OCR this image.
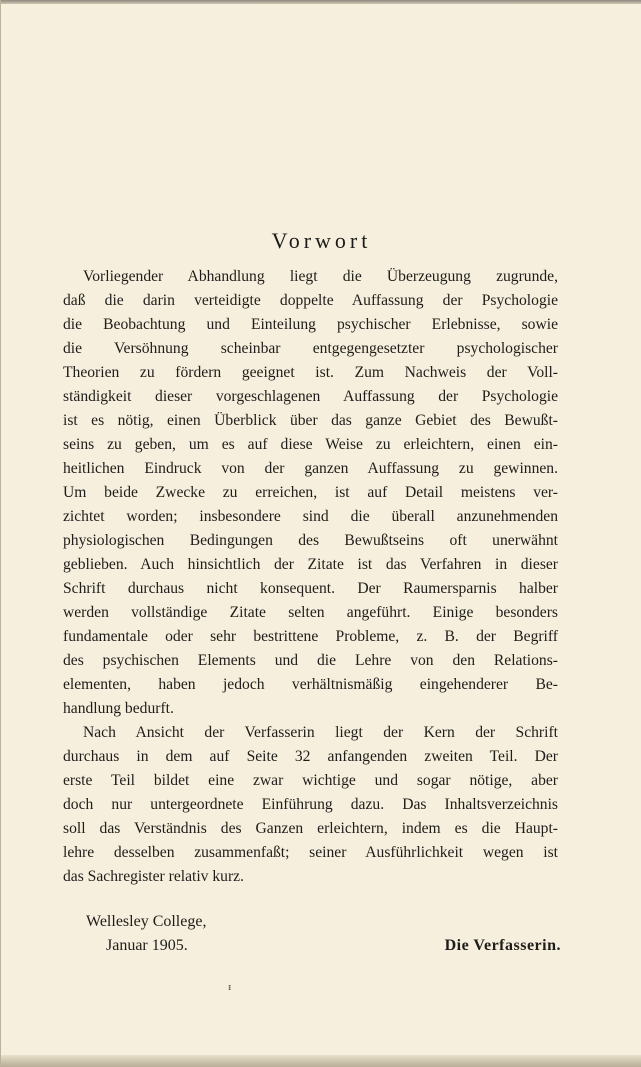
Vorwort
Vorliegender Abhandlung liegt die Überzeugung zugrunde,
daß die darin verteidigte doppelte Auffassung der Psychologie
die Beobachtung und Einteilung psychischer Erlebnisse, sowie
die Versöhnung scheinbar entgegengesetzter psychologischer
Theorien zu fördern geeignet ist. Zum Nachweis der Voll-
ständigkeit dieser vorgeschlagenen Auffassung der Psychologie
ist es nötig, einen Überblick über das ganze Gebiet des Bewußt-
seins zu geben, um es auf diese Weise zu erleichtern, einen ein-
heitlichen Eindruck von der ganzen Auffassung zu gewinnen.
Um beide Zwecke zu erreichen, ist auf Detail meistens ver-
zichtet worden; insbesondere sind die überall anzunehmenden
physiologischen Bedingungen des Bewußtseins oft unerwähnt
geblieben. Auch hinsichtlich der Zitate ist das Verfahren in dieser
Schrift durchaus nicht konsequent. Der Raumersparnis halber
werden vollständige Zitate selten angeführt. Einige besonders
fundamentale oder sehr bestrittene Probleme, z. B. der Begriff
des psychischen Elements und die Lehre von den Relations-
elementen, haben jedoch verhältnismäßig eingehenderer Be-
handlung bedurft.
Nach Ansicht der Verfasserin liegt der Kern der Schrift
durchaus in dem auf Seite 32 anfangenden zweiten Teil. Der
erste Teil bildet eine zwar wichtige und sogar nötige, aber
doch nur untergeordnete Einführung dazu. Das Inhaltsverzeichnis
soll das Verständnis des Ganzen erleichtern, indem es die Haupt-
lehre desselben zusammenfaßt; seiner Ausführlichkeit wegen ist
das Sachregister relativ kurz.
Wellesley College,
Januar 1905.	Die Verfasserin.
ᵻ
